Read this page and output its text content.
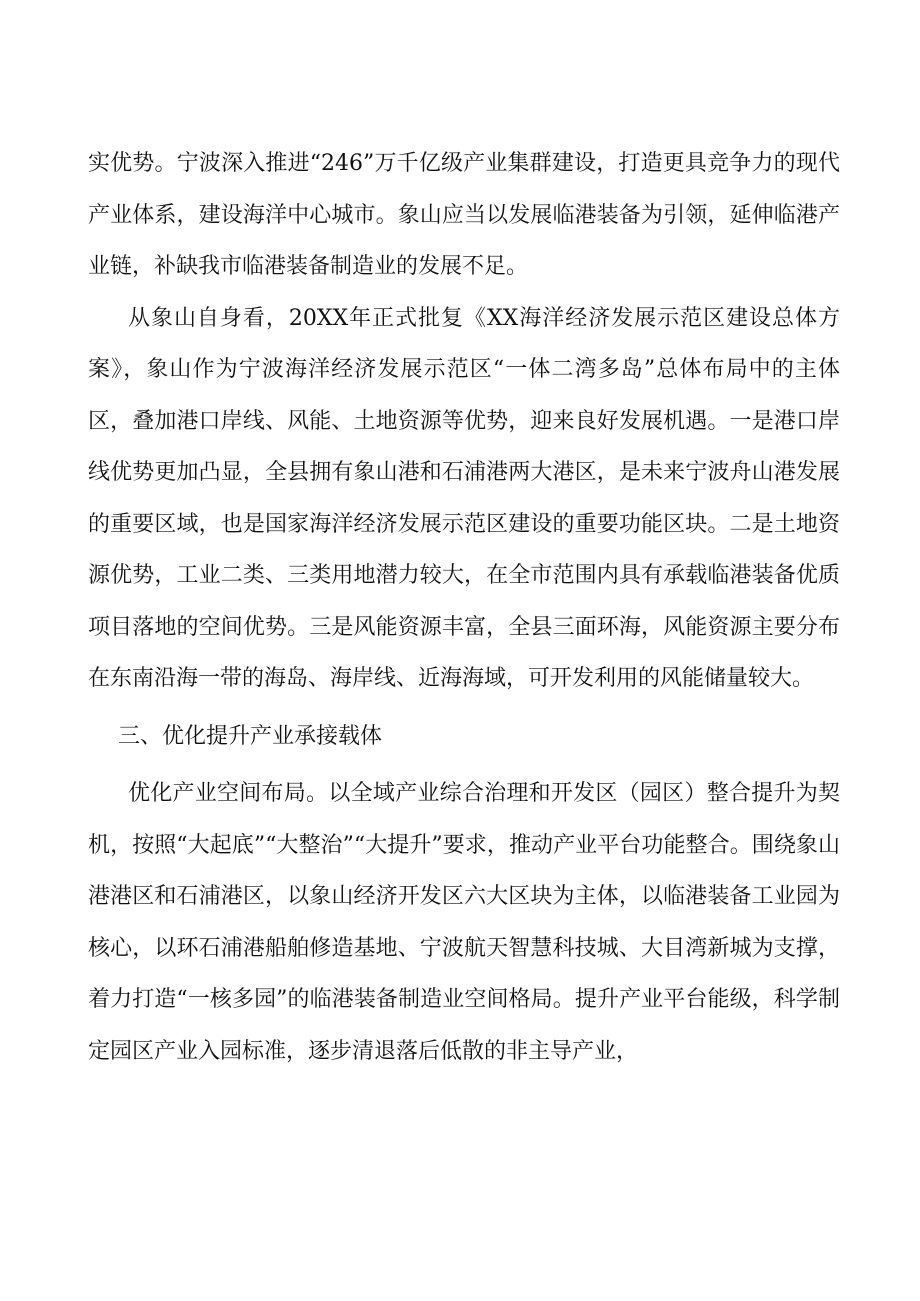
实优势。宁波深入推进“246”万千亿级产业集群建设，打造更具竞争力的现代产业体系，建设海洋中心城市。象山应当以发展临港装备为引领，延伸临港产业链，补缺我市临港装备制造业的发展不足。

从象山自身看，20XX年正式批复《XX海洋经济发展示范区建设总体方案》，象山作为宁波海洋经济发展示范区“一体二湾多岛”总体布局中的主体区，叠加港口岸线、风能、土地资源等优势，迎来良好发展机遇。一是港口岸线优势更加凸显，全县拥有象山港和石浦港两大港区，是未来宁波舟山港发展的重要区域，也是国家海洋经济发展示范区建设的重要功能区块。二是土地资源优势，工业二类、三类用地潜力较大，在全市范围内具有承载临港装备优质项目落地的空间优势。三是风能资源丰富，全县三面环海，风能资源主要分布在东南沿海一带的海岛、海岸线、近海海域，可开发利用的风能储量较大。

三、优化提升产业承接载体

优化产业空间布局。以全域产业综合治理和开发区（园区）整合提升为契机，按照“大起底”“大整治”“大提升”要求，推动产业平台功能整合。围绕象山港港区和石浦港区，以象山经济开发区六大区块为主体，以临港装备工业园为核心，以环石浦港船舶修造基地、宁波航天智慧科技城、大目湾新城为支撑，着力打造“一核多园”的临港装备制造业空间格局。提升产业平台能级，科学制定园区产业入园标准，逐步清退落后低散的非主导产业，
